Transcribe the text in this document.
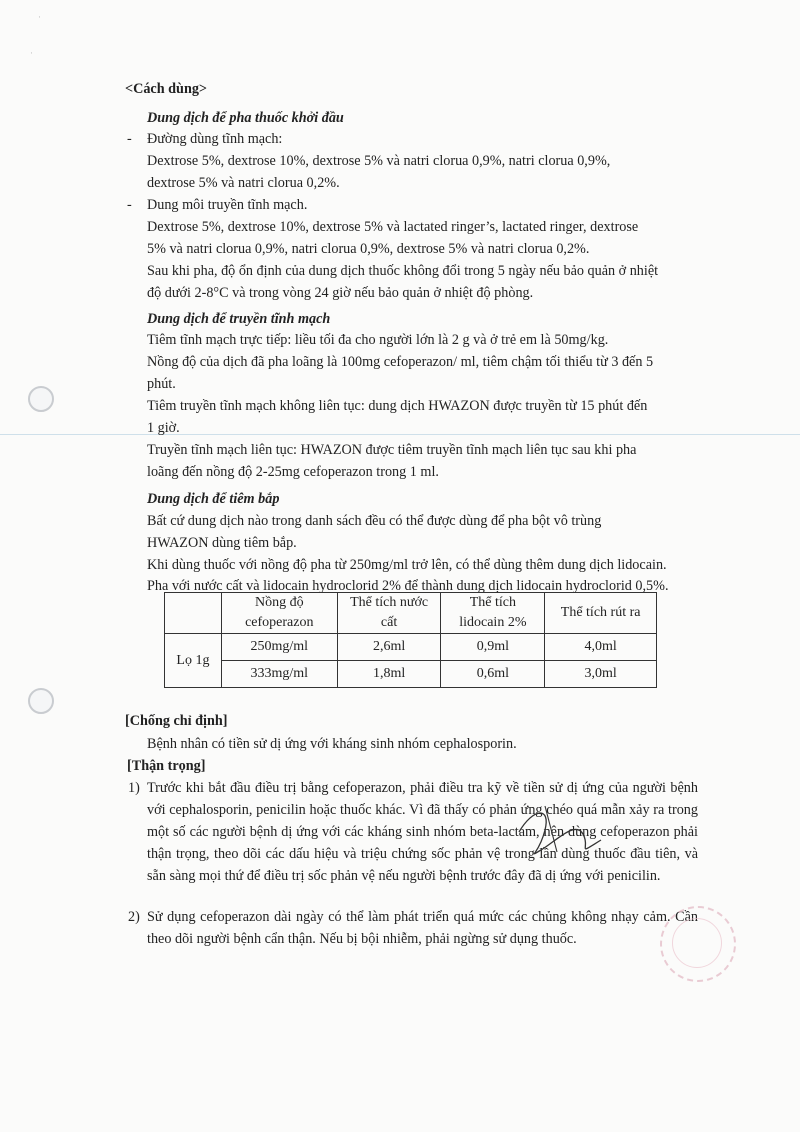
·
·
<Cách dùng>
Dung dịch để pha thuốc khởi đầu
- Đường dùng tĩnh mạch:
Dextrose 5%, dextrose 10%, dextrose 5% và natri clorua 0,9%, natri clorua 0,9%,
dextrose 5% và natri clorua 0,2%.
- Dung môi truyền tĩnh mạch.
Dextrose 5%, dextrose 10%, dextrose 5% và lactated ringer’s, lactated ringer, dextrose
5% và natri clorua 0,9%, natri clorua 0,9%, dextrose 5% và natri clorua 0,2%.
Sau khi pha, độ ổn định của dung dịch thuốc không đổi trong 5 ngày nếu bảo quản ở nhiệt
độ dưới 2-8°C và trong vòng 24 giờ nếu bảo quản ở nhiệt độ phòng.
Dung dịch để truyền tĩnh mạch
Tiêm tĩnh mạch trực tiếp: liều tối đa cho người lớn là 2 g và ở trẻ em là 50mg/kg.
Nồng độ của dịch đã pha loãng là 100mg cefoperazon/ ml, tiêm chậm tối thiểu từ 3 đến 5
phút.
Tiêm truyền tĩnh mạch không liên tục: dung dịch HWAZON được truyền từ 15 phút đến
1 giờ.
Truyền tĩnh mạch liên tục: HWAZON được tiêm truyền tĩnh mạch liên tục sau khi pha
loãng đến nồng độ 2-25mg cefoperazon trong 1 ml.
Dung dịch để tiêm bắp
Bất cứ dung dịch nào trong danh sách đều có thể được dùng để pha bột vô trùng
HWAZON dùng tiêm bắp.
Khi dùng thuốc với nồng độ pha từ 250mg/ml trở lên, có thể dùng thêm dung dịch lidocain.
Pha với nước cất và lidocain hydroclorid 2% để thành dung dịch lidocain hydroclorid 0,5%.
	Nồng độ cefoperazon	Thể tích nước cất	Thể tích lidocain 2%	Thể tích rút ra
Lọ 1g	250mg/ml	2,6ml	0,9ml	4,0ml
	333mg/ml	1,8ml	0,6ml	3,0ml
[Chống chỉ định]
Bệnh nhân có tiền sử dị ứng với kháng sinh nhóm cephalosporin.
[Thận trọng]
1) Trước khi bắt đầu điều trị bằng cefoperazon, phải điều tra kỹ về tiền sử dị ứng của người bệnh với cephalosporin, penicilin hoặc thuốc khác. Vì đã thấy có phản ứng chéo quá mẫn xảy ra trong một số các người bệnh dị ứng với các kháng sinh nhóm beta-lactam, nên dùng cefoperazon phải thận trọng, theo dõi các dấu hiệu và triệu chứng sốc phản vệ trong lần dùng thuốc đầu tiên, và sẵn sàng mọi thứ để điều trị sốc phản vệ nếu người bệnh trước đây đã dị ứng với penicilin.
2) Sử dụng cefoperazon dài ngày có thể làm phát triển quá mức các chủng không nhạy cảm. Cần theo dõi người bệnh cẩn thận. Nếu bị bội nhiễm, phải ngừng sử dụng thuốc.
